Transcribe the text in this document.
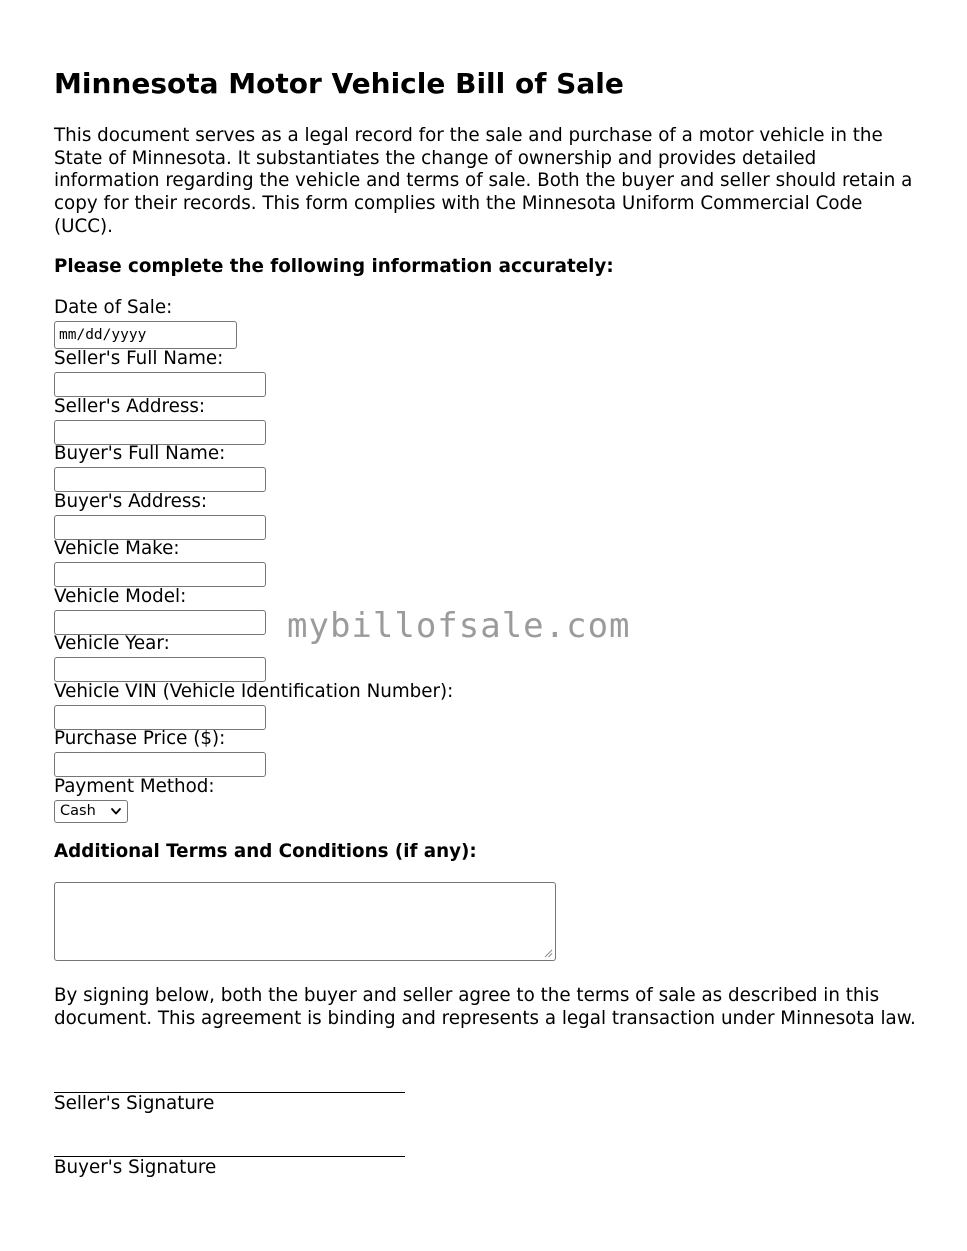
Minnesota Motor Vehicle Bill of Sale

This document serves as a legal record for the sale and purchase of a motor vehicle in the State of Minnesota. It substantiates the change of ownership and provides detailed information regarding the vehicle and terms of sale. Both the buyer and seller should retain a copy for their records. This form complies with the Minnesota Uniform Commercial Code (UCC).

Please complete the following information accurately:

Date of Sale:
mm/dd/yyyy
Seller's Full Name:
Seller's Address:
Buyer's Full Name:
Buyer's Address:
Vehicle Make:
Vehicle Model:
Vehicle Year:
Vehicle VIN (Vehicle Identification Number):
Purchase Price ($):
Payment Method:
Cash

Additional Terms and Conditions (if any):

By signing below, both the buyer and seller agree to the terms of sale as described in this document. This agreement is binding and represents a legal transaction under Minnesota law.

Seller's Signature
Buyer's Signature
mybillofsale.com
